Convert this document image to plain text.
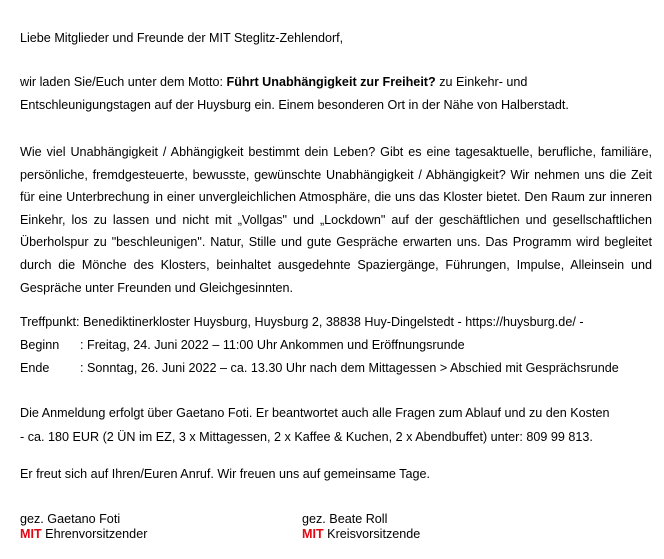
Liebe Mitglieder und Freunde der MIT Steglitz-Zehlendorf,
wir laden Sie/Euch unter dem Motto: Führt Unabhängigkeit zur Freiheit? zu Einkehr- und
Entschleunigungstagen auf der Huysburg ein. Einem besonderen Ort in der Nähe von Halberstadt.
Wie viel Unabhängigkeit / Abhängigkeit bestimmt dein Leben? Gibt es eine tagesaktuelle, berufliche, familiäre, persönliche, fremdgesteuerte, bewusste, gewünschte Unabhängigkeit / Abhängigkeit? Wir nehmen uns die Zeit für eine Unterbrechung in einer unvergleichlichen Atmosphäre, die uns das Kloster bietet. Den Raum zur inneren Einkehr, los zu lassen und nicht mit „Vollgas" und „Lockdown" auf der geschäftlichen und gesellschaftlichen Überholspur zu "beschleunigen". Natur, Stille und gute Gespräche erwarten uns. Das Programm wird begleitet durch die Mönche des Klosters, beinhaltet ausgedehnte Spaziergänge, Führungen, Impulse, Alleinsein und Gespräche unter Freunden und Gleichgesinnten.
Treffpunkt: Benediktinerkloster Huysburg, Huysburg 2, 38838 Huy-Dingelstedt - https://huysburg.de/ -
Beginn : Freitag, 24. Juni 2022 – 11:00 Uhr Ankommen und Eröffnungsrunde
Ende : Sonntag, 26. Juni 2022 – ca. 13.30 Uhr nach dem Mittagessen > Abschied mit Gesprächsrunde
Die Anmeldung erfolgt über Gaetano Foti. Er beantwortet auch alle Fragen zum Ablauf und zu den Kosten
- ca. 180 EUR (2 ÜN im EZ, 3 x Mittagessen, 2 x Kaffee & Kuchen, 2 x Abendbuffet) unter: 809 99 813.
Er freut sich auf Ihren/Euren Anruf. Wir freuen uns auf gemeinsame Tage.
gez. Gaetano Foti
MIT Ehrenvorsitzender
gez. Beate Roll
MIT Kreisvorsitzende
